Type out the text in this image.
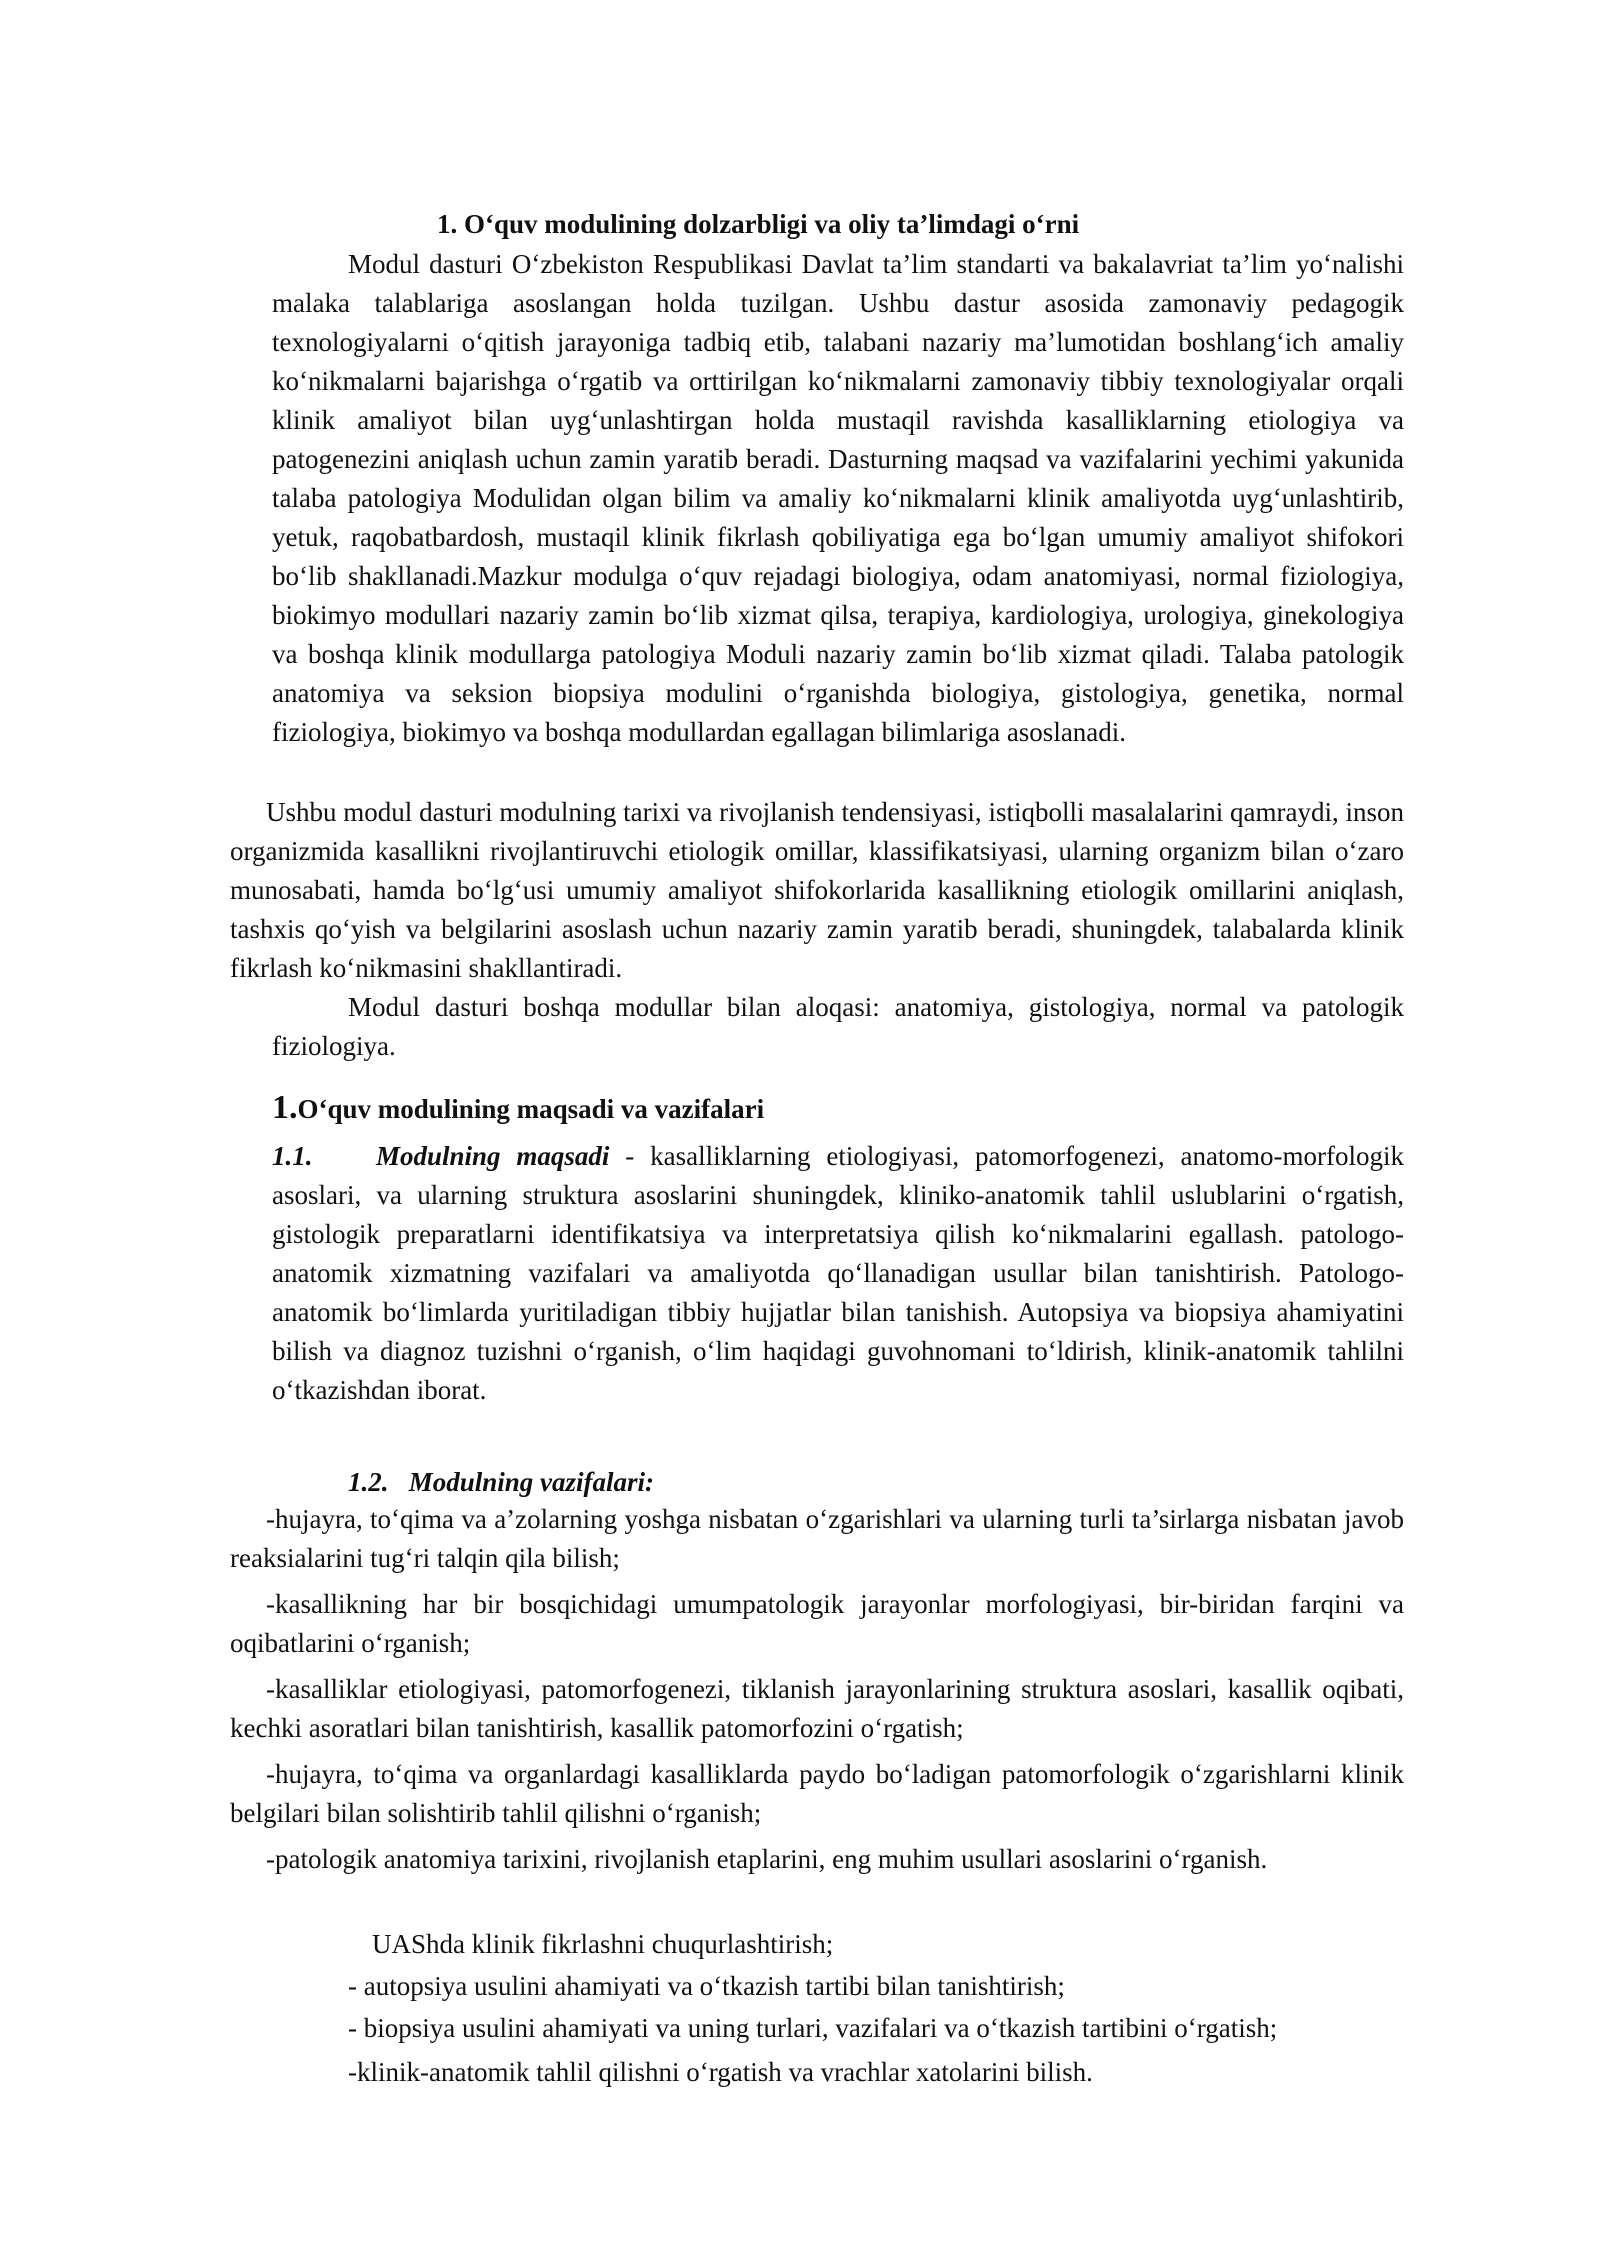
1. O‘quv modulining dolzarbligi va oliy ta’limdagi o‘rni

Modul dasturi O‘zbekiston Respublikasi Davlat ta’lim standarti va bakalavriat ta’lim yo‘nalishi malaka talablariga asoslangan holda tuzilgan. Ushbu dastur asosida zamonaviy pedagogik texnologiyalarni o‘qitish jarayoniga tadbiq etib, talabani nazariy ma’lumotidan boshlang‘ich amaliy ko‘nikmalarni bajarishga o‘rgatib va orttirilgan ko‘nikmalarni zamonaviy tibbiy texnologiyalar orqali klinik amaliyot bilan uyg‘unlashtirgan holda mustaqil ravishda kasalliklarning etiologiya va patogenezini aniqlash uchun zamin yaratib beradi. Dasturning maqsad va vazifalarini yechimi yakunida talaba patologiya Modulidan olgan bilim va amaliy ko‘nikmalarni klinik amaliyotda uyg‘unlashtirib, yetuk, raqobatbardosh, mustaqil klinik fikrlash qobiliyatiga ega bo‘lgan umumiy amaliyot shifokori bo‘lib shakllanadi.Mazkur modulga o‘quv rejadagi biologiya, odam anatomiyasi, normal fiziologiya, biokimyo modullari nazariy zamin bo‘lib xizmat qilsa, terapiya, kardiologiya, urologiya, ginekologiya va boshqa klinik modullarga patologiya Moduli nazariy zamin bo‘lib xizmat qiladi. Talaba patologik anatomiya va seksion biopsiya modulini o‘rganishda biologiya, gistologiya, genetika, normal fiziologiya, biokimyo va boshqa modullardan egallagan bilimlariga asoslanadi.

Ushbu modul dasturi modulning tarixi va rivojlanish tendensiyasi, istiqbolli masalalarini qamraydi, inson organizmida kasallikni rivojlantiruvchi etiologik omillar, klassifikatsiyasi, ularning organizm bilan o‘zaro munosabati, hamda bo‘lg‘usi umumiy amaliyot shifokorlarida kasallikning etiologik omillarini aniqlash, tashxis qo‘yish va belgilarini asoslash uchun nazariy zamin yaratib beradi, shuningdek, talabalarda klinik fikrlash ko‘nikmasini shakllantiradi.

Modul dasturi boshqa modullar bilan aloqasi: anatomiya, gistologiya, normal va patologik fiziologiya.

1.O‘quv modulining maqsadi va vazifalari

1.1.    Modulning maqsadi - kasalliklarning etiologiyasi, patomorfogenezi, anatomo-morfologik asoslari, va ularning struktura asoslarini shuningdek, kliniko-anatomik tahlil uslublarini o‘rgatish, gistologik preparatlarni identifikatsiya va interpretatsiya qilish ko‘nikmalarini egallash. patologo- anatomik xizmatning vazifalari va amaliyotda qo‘llanadigan usullar bilan tanishtirish. Patologo-anatomik bo‘limlarda yuritiladigan tibbiy hujjatlar bilan tanishish. Autopsiya va biopsiya ahamiyatini bilish va diagnoz tuzishni o‘rganish, o‘lim haqidagi guvohnomani to‘ldirish, klinik-anatomik tahlilni o‘tkazishdan iborat.

1.2.   Modulning vazifalari:

-hujayra, to‘qima va a’zolarning yoshga nisbatan o‘zgarishlari va ularning turli ta’sirlarga nisbatan javob reaksialarini tug‘ri talqin qila bilish;

-kasallikning har bir bosqichidagi umumpatologik jarayonlar morfologiyasi, bir-biridan farqini va oqibatlarini o‘rganish;

-kasalliklar etiologiyasi, patomorfogenezi, tiklanish jarayonlarining struktura asoslari, kasallik oqibati, kechki asoratlari bilan tanishtirish, kasallik patomorfozini o‘rgatish;

-hujayra, to‘qima va organlardagi kasalliklarda paydo bo‘ladigan patomorfologik o‘zgarishlarni klinik belgilari bilan solishtirib tahlil qilishni o‘rganish;

-patologik anatomiya tarixini, rivojlanish etaplarini, eng muhim usullari asoslarini o‘rganish.

UAShda klinik fikrlashni chuqurlashtirish;

- autopsiya usulini ahamiyati va o‘tkazish tartibi bilan tanishtirish;

- biopsiya usulini ahamiyati va uning turlari, vazifalari va o‘tkazish tartibini o‘rgatish;

-klinik-anatomik tahlil qilishni o‘rgatish va vrachlar xatolarini bilish.
